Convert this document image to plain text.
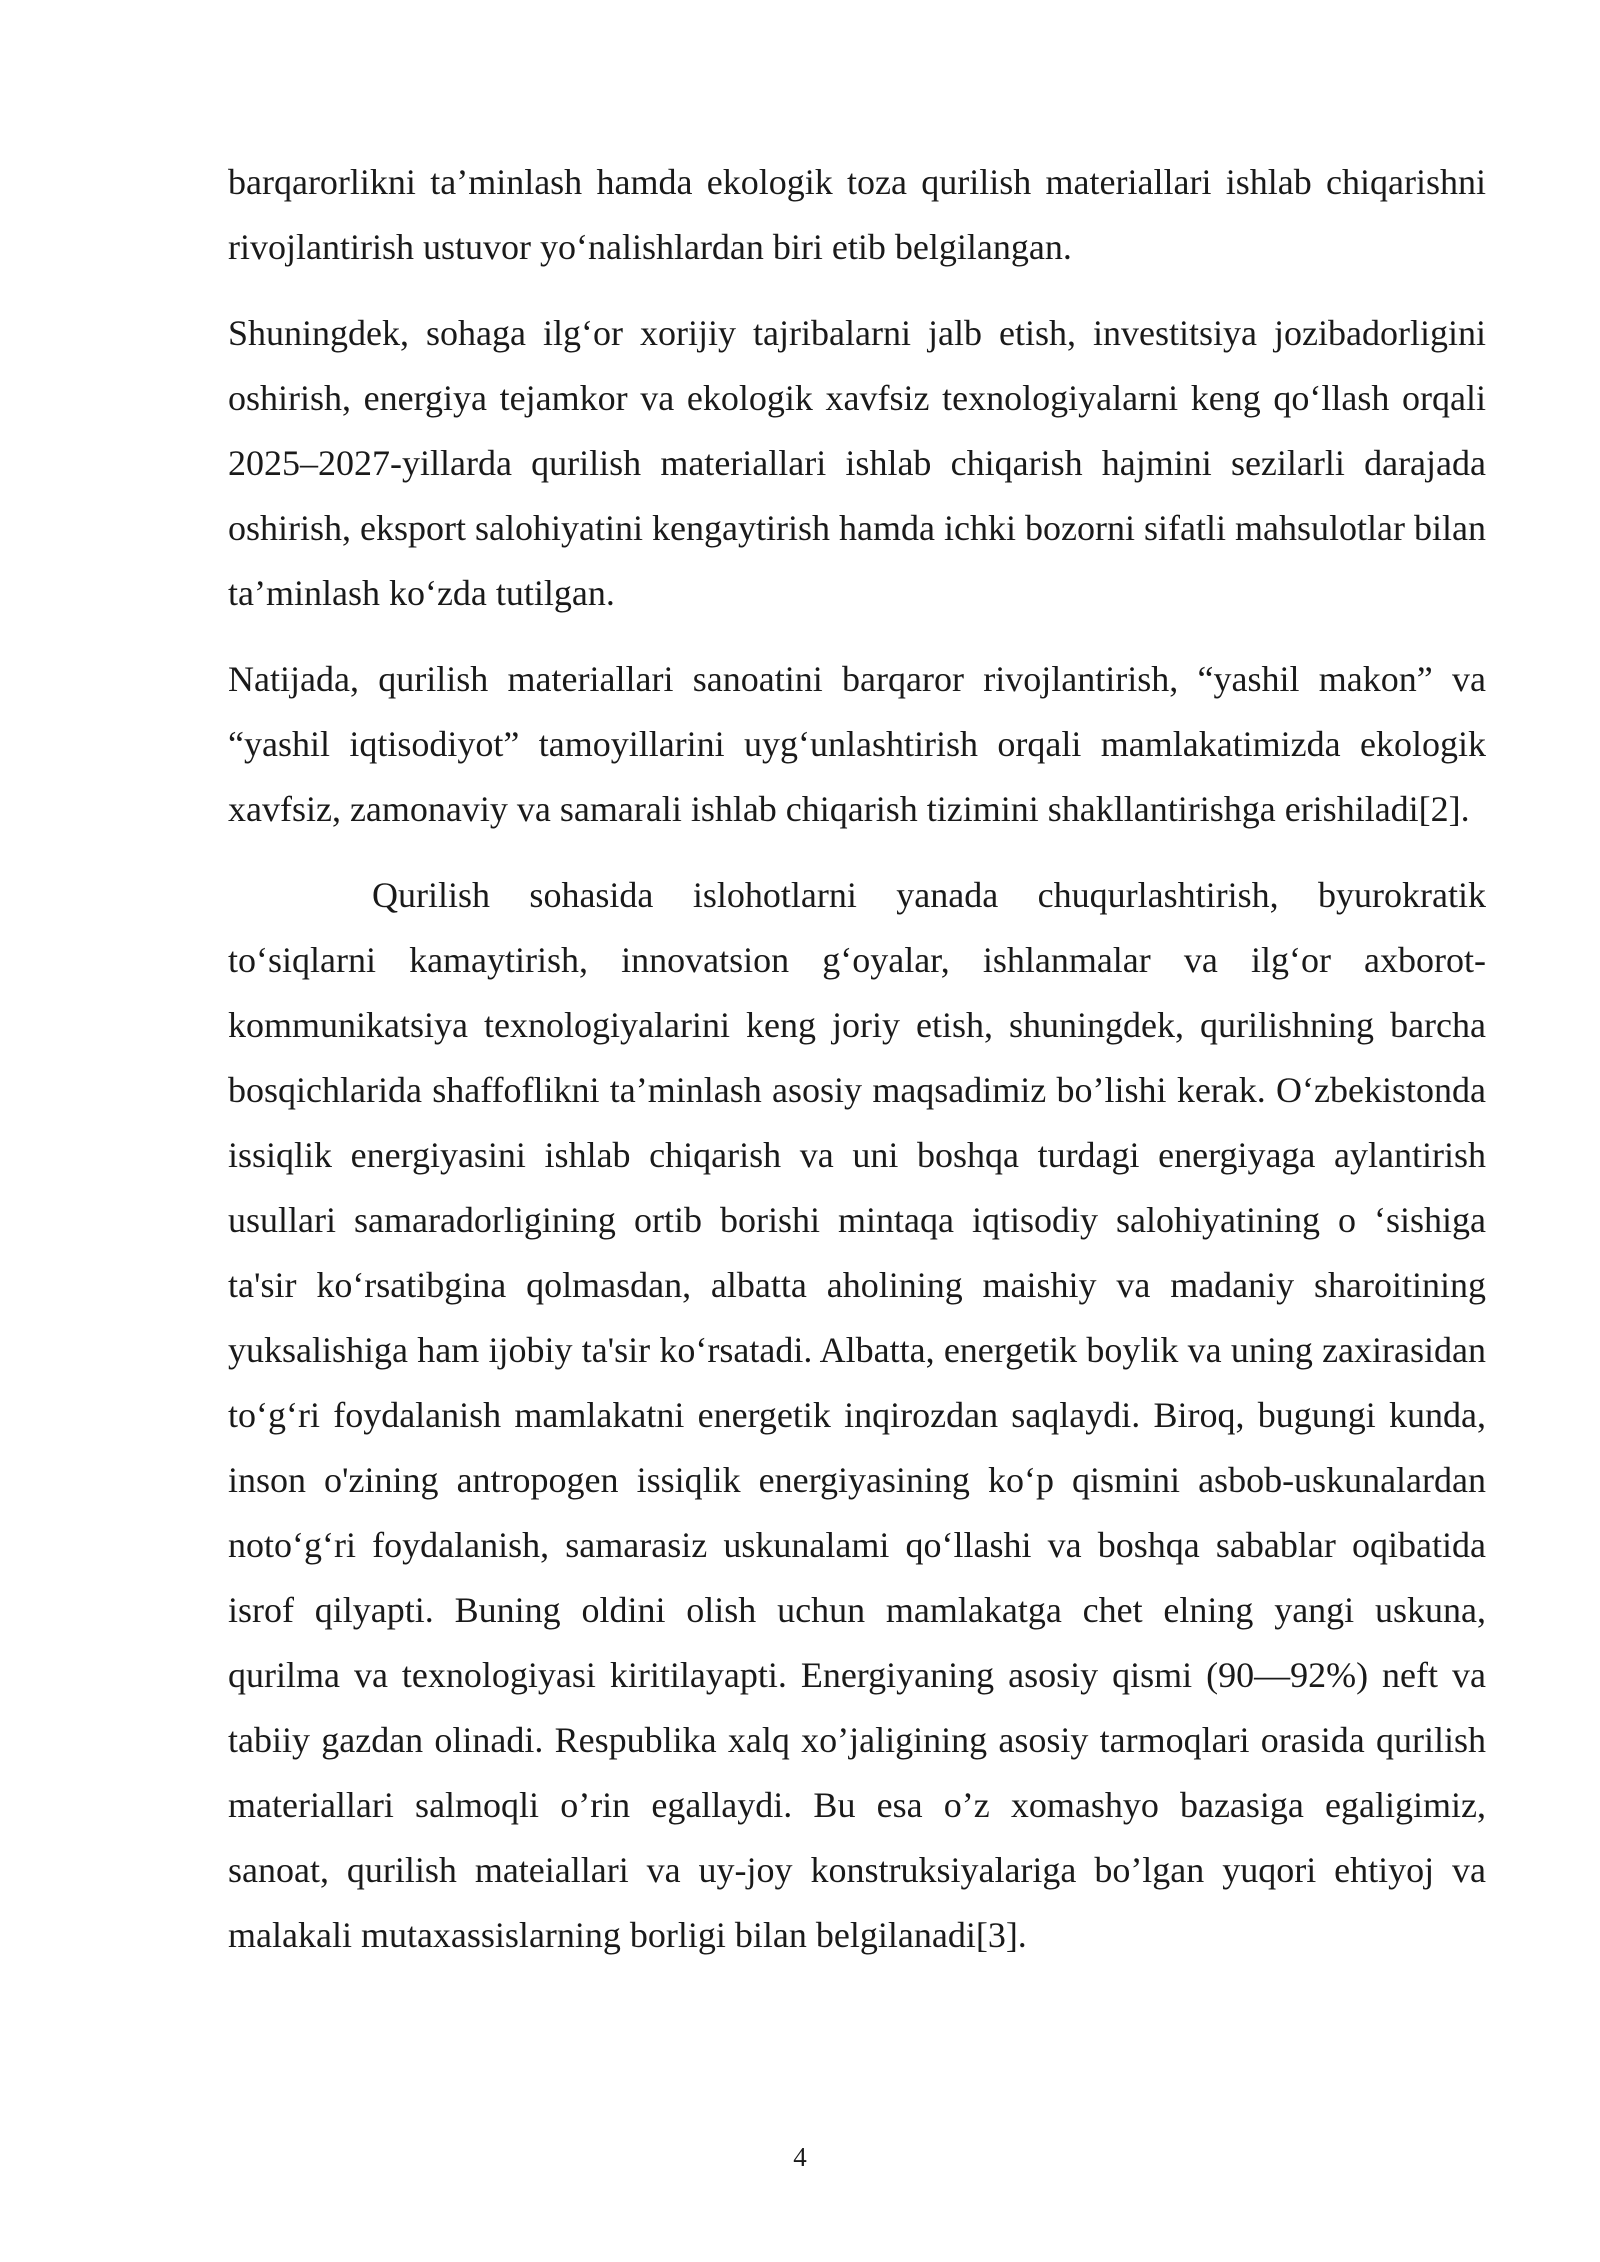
barqarorlikni ta’minlash hamda ekologik toza qurilish materiallari ishlab chiqarishni rivojlantirish ustuvor yo‘nalishlardan biri etib belgilangan.

Shuningdek, sohaga ilg‘or xorijiy tajribalarni jalb etish, investitsiya jozibadorligini oshirish, energiya tejamkor va ekologik xavfsiz texnologiyalarni keng qo‘llash orqali 2025–2027-yillarda qurilish materiallari ishlab chiqarish hajmini sezilarli darajada oshirish, eksport salohiyatini kengaytirish hamda ichki bozorni sifatli mahsulotlar bilan ta’minlash ko‘zda tutilgan.

Natijada, qurilish materiallari sanoatini barqaror rivojlantirish, “yashil makon” va “yashil iqtisodiyot” tamoyillarini uyg‘unlashtirish orqali mamlakatimizda ekologik xavfsiz, zamonaviy va samarali ishlab chiqarish tizimini shakllantirishga erishiladi[2].

Qurilish sohasida islohotlarni yanada chuqurlashtirish, byurokratik to‘siqlarni kamaytirish, innovatsion g‘oyalar, ishlanmalar va ilg‘or axborot-kommunikatsiya texnologiyalarini keng joriy etish, shuningdek, qurilishning barcha bosqichlarida shaffoflikni ta’minlash asosiy maqsadimiz bo’lishi kerak. O‘zbekistonda issiqlik energiyasini ishlab chiqarish va uni boshqa turdagi energiyaga aylantirish usullari samaradorligining ortib borishi mintaqa iqtisodiy salohiyatining o ‘sishiga ta'sir ko‘rsatibgina qolmasdan, albatta aholining maishiy va madaniy sharoitining yuksalishiga ham ijobiy ta'sir ko‘rsatadi. Albatta, energetik boylik va uning zaxirasidan to‘g‘ri foydalanish mamlakatni energetik inqirozdan saqlaydi. Biroq, bugungi kunda, inson o'zining antropogen issiqlik energiyasining ko‘p qismini asbob-uskunalardan noto‘g‘ri foydalanish, samarasiz uskunalami qo‘llashi va boshqa sabablar oqibatida isrof qilyapti. Buning oldini olish uchun mamlakatga chet elning yangi uskuna, qurilma va texnologiyasi kiritilayapti. Energiyaning asosiy qismi (90—92%) neft va tabiiy gazdan olinadi. Respublika xalq xo’jaligining asosiy tarmoqlari orasida qurilish materiallari salmoqli o’rin egallaydi. Bu esa o’z xomashyo bazasiga egaligimiz, sanoat, qurilish mateiallari va uy-joy konstruksiyalariga bo’lgan yuqori ehtiyoj va malakali mutaxassislarning borligi bilan belgilanadi[3].

4
